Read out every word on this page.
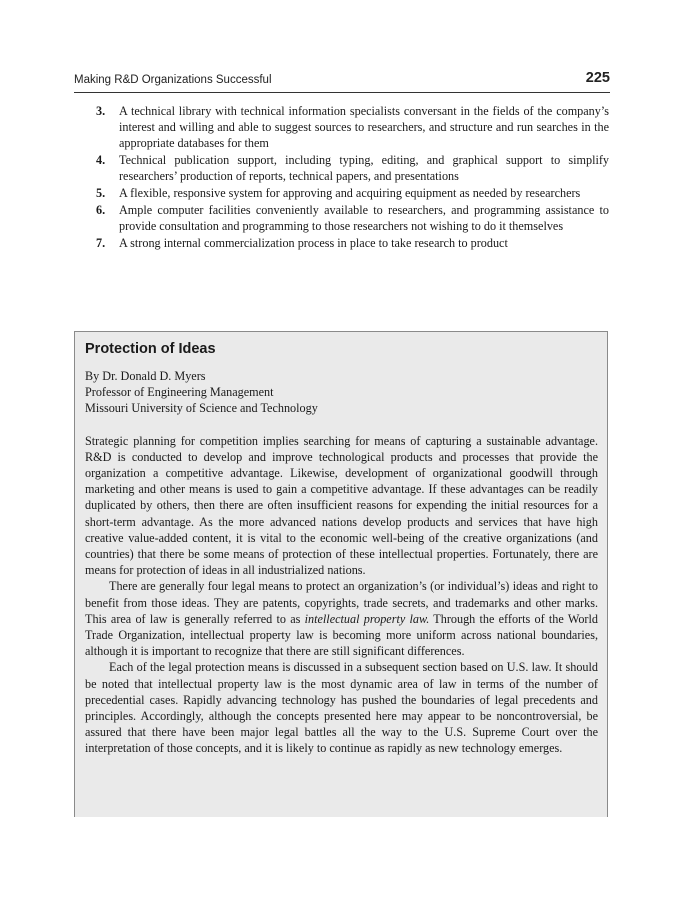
Making R&D Organizations Successful	225
3. A technical library with technical information specialists conversant in the fields of the company’s interest and willing and able to suggest sources to researchers, and structure and run searches in the appropriate databases for them
4. Technical publication support, including typing, editing, and graphical support to simplify researchers’ production of reports, technical papers, and presentations
5. A flexible, responsive system for approving and acquiring equipment as needed by researchers
6. Ample computer facilities conveniently available to researchers, and programming assistance to provide consultation and programming to those researchers not wishing to do it themselves
7. A strong internal commercialization process in place to take research to product
Protection of Ideas

By Dr. Donald D. Myers
Professor of Engineering Management
Missouri University of Science and Technology

Strategic planning for competition implies searching for means of capturing a sustainable advantage. R&D is conducted to develop and improve technological products and processes that provide the organization a competitive advantage. Likewise, development of organizational goodwill through marketing and other means is used to gain a competitive advantage. If these advantages can be readily duplicated by others, then there are often insufficient reasons for expending the initial resources for a short-term advantage. As the more advanced nations develop products and services that have high creative value-added content, it is vital to the economic well-being of the creative organizations (and countries) that there be some means of protection of these intellectual properties. Fortunately, there are means for protection of ideas in all industrialized nations.

There are generally four legal means to protect an organization’s (or individual’s) ideas and right to benefit from those ideas. They are patents, copyrights, trade secrets, and trademarks and other marks. This area of law is generally referred to as intellectual property law. Through the efforts of the World Trade Organization, intellectual property law is becoming more uniform across national boundaries, although it is important to recognize that there are still significant differences.

Each of the legal protection means is discussed in a subsequent section based on U.S. law. It should be noted that intellectual property law is the most dynamic area of law in terms of the number of precedential cases. Rapidly advancing technology has pushed the boundaries of legal precedents and principles. Accordingly, although the concepts presented here may appear to be noncontroversial, be assured that there have been major legal battles all the way to the U.S. Supreme Court over the interpretation of those concepts, and it is likely to continue as rapidly as new technology emerges.
